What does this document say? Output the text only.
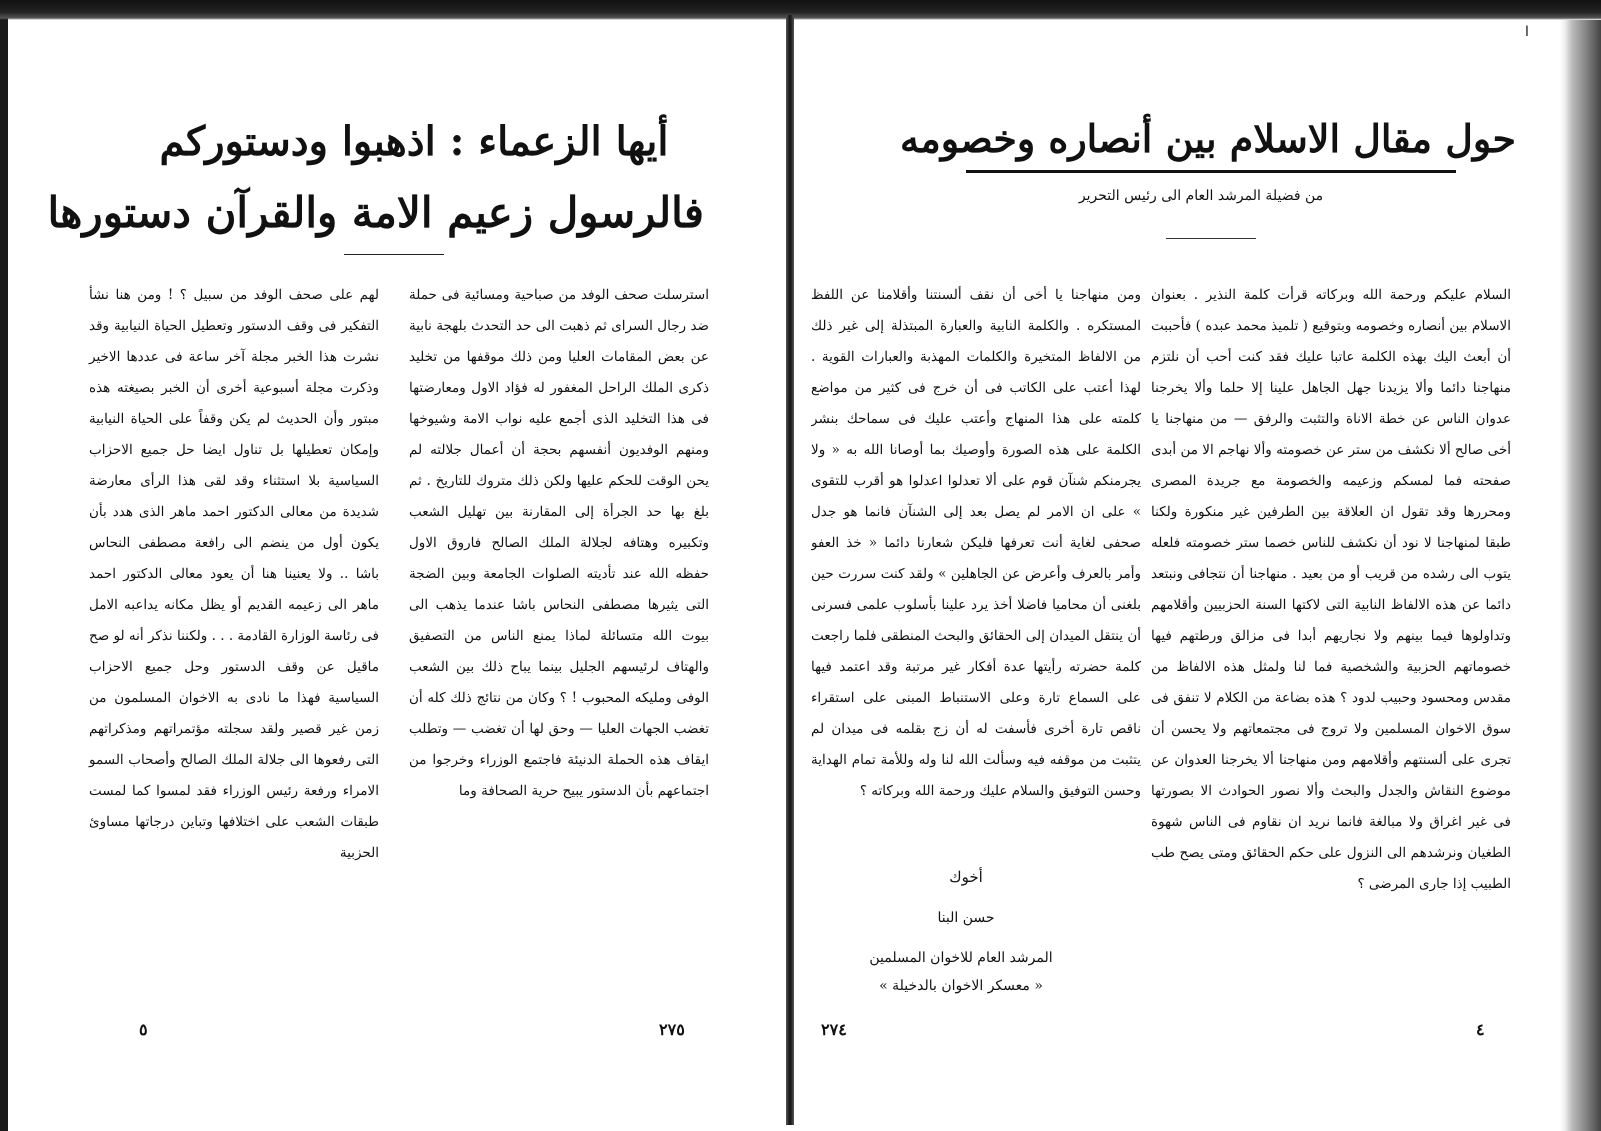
ا
أيها الزعماء : اذهبوا ودستوركم
فالرسول زعيم الامة والقرآن دستورها

استرسلت صحف الوفد من صباحية ومسائية فى حملة ضد رجال السراى ثم ذهبت الى حد التحدث بلهجة نابية عن بعض المقامات العليا ومن ذلك موقفها من تخليد ذكرى الملك الراحل المغفور له فؤاد الاول ومعارضتها فى هذا التخليد الذى أجمع عليه نواب الامة وشيوخها ومنهم الوفديون أنفسهم بحجة أن أعمال جلالته لم يحن الوقت للحكم عليها ولكن ذلك متروك للتاريخ . ثم بلغ بها حد الجرأة إلى المقارنة بين تهليل الشعب وتكبيره وهتافه لجلالة الملك الصالح فاروق الاول حفظه الله عند تأديته الصلوات الجامعة وبين الضجة التى يثيرها مصطفى النحاس باشا عندما يذهب الى بيوت الله متسائلة لماذا يمنع الناس من التصفيق والهتاف لرئيسهم الجليل بينما يباح ذلك بين الشعب الوفى ومليكه المحبوب ! ؟ وكان من نتائج ذلك كله أن تغضب الجهات العليا — وحق لها أن تغضب — وتطلب ايقاف هذه الحملة الدنيئة فاجتمع الوزراء وخرجوا من اجتماعهم بأن الدستور يبيح حرية الصحافة وما

لهم على صحف الوفد من سبيل ؟ ! ومن هنا نشأ التفكير فى وقف الدستور وتعطيل الحياة النيابية وقد نشرت هذا الخبر مجلة آخر ساعة فى عددها الاخير وذكرت مجلة أسبوعية أخرى أن الخبر بصيغته هذه مبتور وأن الحديث لم يكن وقفاً على الحياة النيابية وإمكان تعطيلها بل تناول ايضا حل جميع الاحزاب السياسية بلا استثناء وقد لقى هذا الرأى معارضة شديدة من معالى الدكتور احمد ماهر الذى هدد بأن يكون أول من ينضم الى رافعة مصطفى النحاس باشا .. ولا يعنينا هنا أن يعود معالى الدكتور احمد ماهر الى زعيمه القديم أو يظل مكانه يداعبه الامل فى رئاسة الوزارة القادمة . . . ولكننا نذكر أنه لو صح ماقيل عن وقف الدستور وحل جميع الاحزاب السياسية فهذا ما نادى به الاخوان المسلمون من زمن غير قصير ولقد سجلته مؤتمراتهم ومذكراتهم التى رفعوها الى جلالة الملك الصالح وأصحاب السمو الامراء ورفعة رئيس الوزراء فقد لمسوا كما لمست طبقات الشعب على اختلافها وتباين درجاتها مساوئ الحزبية

٥	٢٧٥
حول مقال الاسلام بين أنصاره وخصومه
من فضيلة المرشد العام الى رئيس التحرير

السلام عليكم ورحمة الله وبركاته قرأت كلمة النذير . بعنوان الاسلام بين أنصاره وخصومه وبتوقيع ( تلميذ محمد عبده ) فأحببت أن أبعث اليك بهذه الكلمة عاتبا عليك فقد كنت أحب أن نلتزم منهاجنا دائما وألا يزيدنا جهل الجاهل علينا إلا حلما وألا يخرجنا عدوان الناس عن خطة الاناة والتثبت والرفق — من منهاجنا يا أخى صالح ألا نكشف من ستر عن خصومته وألا نهاجم الا من أبدى صفحته فما لمسكم وزعيمه والخصومة مع جريدة المصرى ومحررها وقد تقول ان العلاقة بين الطرفين غير منكورة ولكنا طبقا لمنهاجنا لا نود أن نكشف للناس خصما ستر خصومته فلعله يتوب الى رشده من قريب أو من بعيد . منهاجنا أن نتجافى ونبتعد دائما عن هذه الالفاظ النابية التى لاكتها السنة الحزبيين وأقلامهم وتداولوها فيما بينهم ولا نجاريهم أبدا فى مزالق ورطتهم فيها خصوماتهم الحزبية والشخصية فما لنا ولمثل هذه الالفاظ من مقدس ومحسود وحبيب لدود ؟ هذه بضاعة من الكلام لا تنفق فى سوق الاخوان المسلمين ولا تروج فى مجتمعاتهم ولا يحسن أن تجرى على ألسنتهم وأقلامهم ومن منهاجنا ألا يخرجنا العدوان عن موضوع النقاش والجدل والبحث وألا نصور الحوادث الا بصورتها فى غير اغراق ولا مبالغة فانما نريد ان نقاوم فى الناس شهوة الطغيان ونرشدهم الى النزول على حكم الحقائق ومتى يصح طب الطبيب إذا جارى المرضى ؟

ومن منهاجنا يا أخى أن نقف ألسنتنا وأقلامنا عن اللفظ المستكره . والكلمة النابية والعبارة المبتذلة إلى غير ذلك من الالفاظ المتخيرة والكلمات المهذبة والعبارات القوية . لهذا أعتب على الكاتب فى أن خرج فى كثير من مواضع كلمته على هذا المنهاج وأعتب عليك فى سماحك بنشر الكلمة على هذه الصورة وأوصيك بما أوصانا الله به « ولا يجرمنكم شنآن قوم على ألا تعدلوا اعدلوا هو أقرب للتقوى » على ان الامر لم يصل بعد إلى الشنآن فانما هو جدل صحفى لغاية أنت تعرفها فليكن شعارنا دائما « خذ العفو وأمر بالعرف وأعرض عن الجاهلين » ولقد كنت سررت حين بلغنى أن محاميا فاضلا أخذ يرد علينا بأسلوب علمى فسرنى أن ينتقل الميدان إلى الحقائق والبحث المنطقى فلما راجعت كلمة حضرته رأيتها عدة أفكار غير مرتبة وقد اعتمد فيها على السماع تارة وعلى الاستنباط المبنى على استقراء ناقص تارة أخرى فأسفت له أن زج بقلمه فى ميدان لم يتثبت من موقفه فيه وسألت الله لنا وله وللأمة تمام الهداية وحسن التوفيق والسلام عليك ورحمة الله وبركاته ؟

أخوك
حسن البنا
المرشد العام للاخوان المسلمين
« معسكر الاخوان بالدخيلة »
٢٧٤	٤
